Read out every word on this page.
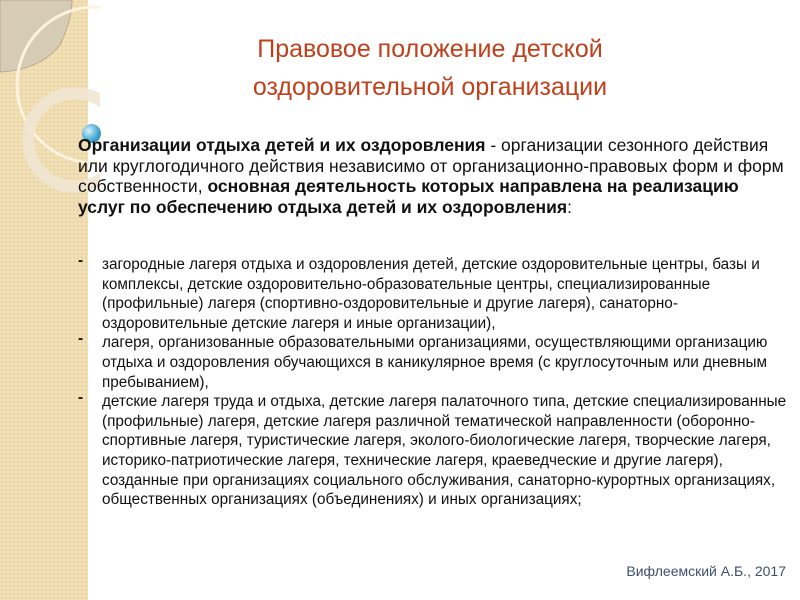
Правовое положение детской
оздоровительной организации

Организации отдыха детей и их оздоровления - организации сезонного действия или круглогодичного действия независимо от организационно-правовых форм и форм собственности, основная деятельность которых направлена на реализацию услуг по обеспечению отдыха детей и их оздоровления:

- загородные лагеря отдыха и оздоровления детей, детские оздоровительные центры, базы и комплексы, детские оздоровительно-образовательные центры, специализированные (профильные) лагеря (спортивно-оздоровительные и другие лагеря), санаторно-оздоровительные детские лагеря и иные организации),
- лагеря, организованные образовательными организациями, осуществляющими организацию отдыха и оздоровления обучающихся в каникулярное время (с круглосуточным или дневным пребыванием),
- детские лагеря труда и отдыха, детские лагеря палаточного типа, детские специализированные (профильные) лагеря, детские лагеря различной тематической направленности (оборонно-спортивные лагеря, туристические лагеря, эколого-биологические лагеря, творческие лагеря, историко-патриотические лагеря, технические лагеря, краеведческие и другие лагеря), созданные при организациях социального обслуживания, санаторно-курортных организациях, общественных организациях (объединениях) и иных организациях;
Вифлеемский А.Б., 2017
